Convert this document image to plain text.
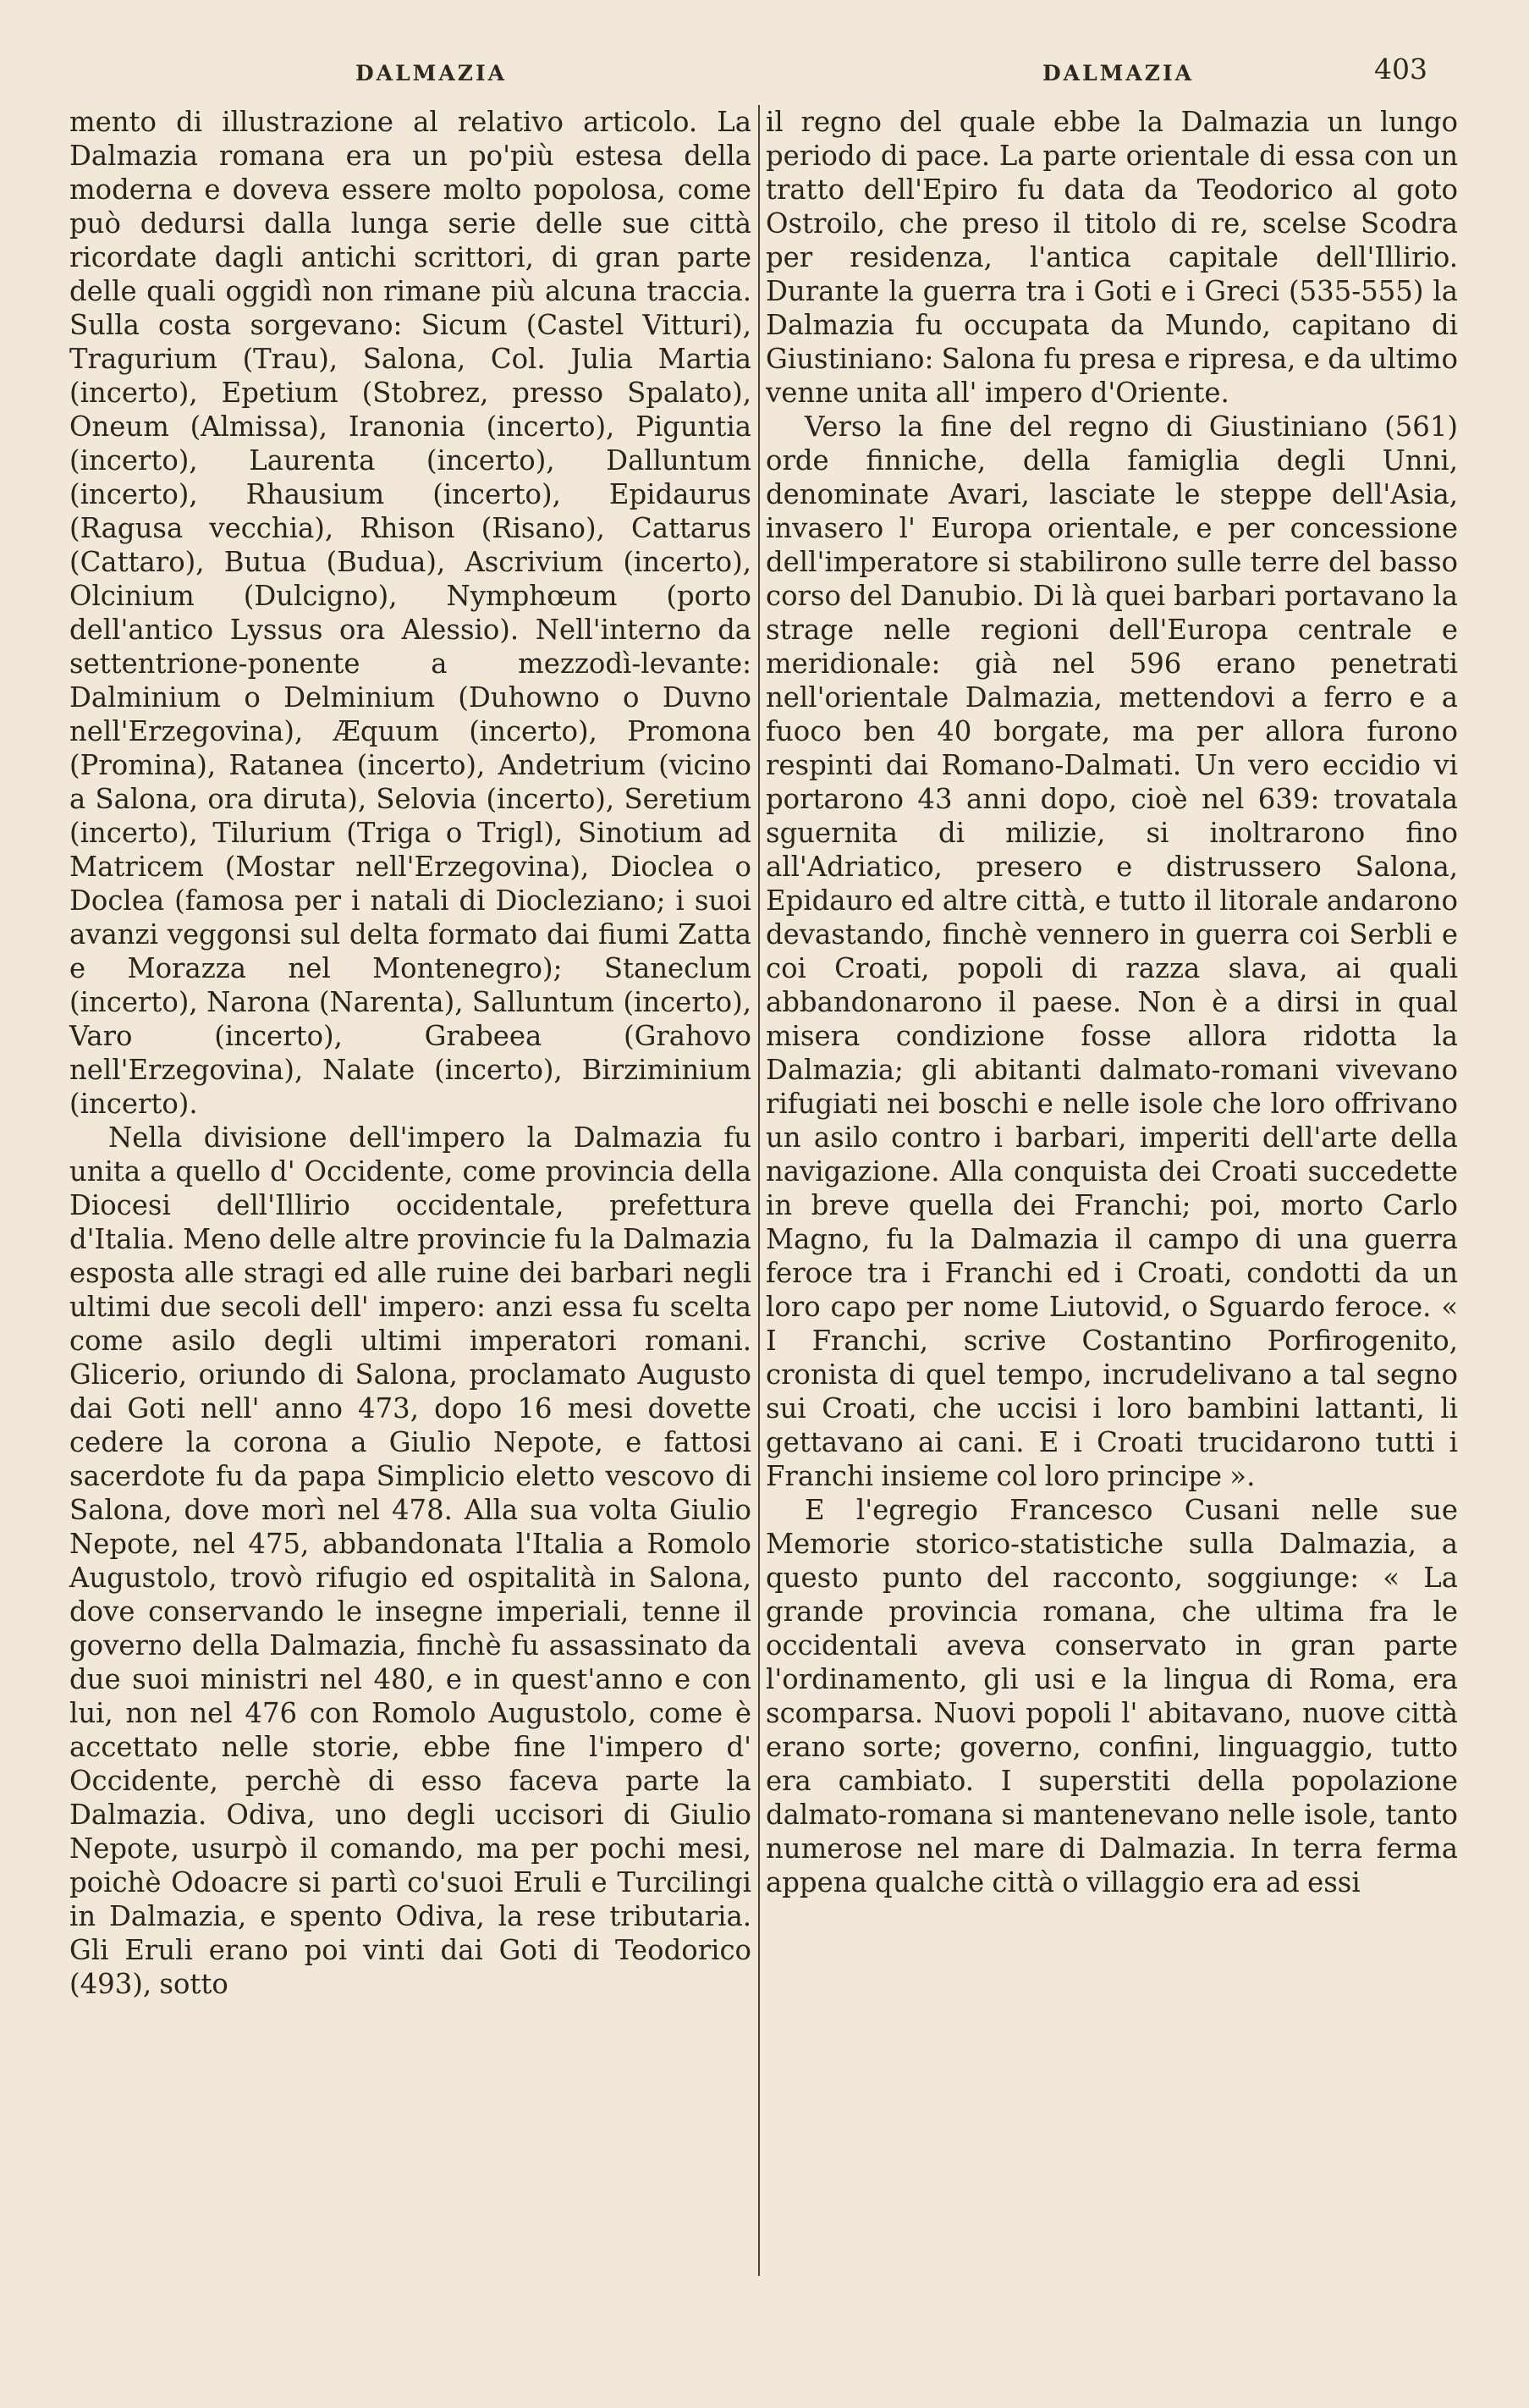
DALMAZIA	DALMAZIA	403

mento di illustrazione al relativo articolo. La Dalmazia romana era un po'più estesa della moderna e doveva essere molto popolosa, come può dedursi dalla lunga serie delle sue città ricordate dagli antichi scrittori, di gran parte delle quali oggidì non rimane più alcuna traccia. Sulla costa sorgevano: Sicum (Castel Vitturi), Tragurium (Trau), Salona, Col. Julia Martia (incerto), Epetium (Stobrez, presso Spalato), Oneum (Almissa), Iranonia (incerto), Piguntia (incerto), Laurenta (incerto), Dalluntum (incerto), Rhausium (incerto), Epidaurus (Ragusa vecchia), Rhison (Risano), Cattarus (Cattaro), Butua (Budua), Ascrivium (incerto), Olcinium (Dulcigno), Nymphœum (porto dell'antico Lyssus ora Alessio). Nell'interno da settentrione-ponente a mezzodì-levante: Dalminium o Delminium (Duhowno o Duvno nell'Erzegovina), Æquum (incerto), Promona (Promina), Ratanea (incerto), Andetrium (vicino a Salona, ora diruta), Selovia (incerto), Seretium (incerto), Tilurium (Triga o Trigl), Sinotium ad Matricem (Mostar nell'Erzegovina), Dioclea o Doclea (famosa per i natali di Diocleziano; i suoi avanzi veggonsi sul delta formato dai fiumi Zatta e Morazza nel Montenegro); Staneclum (incerto), Narona (Narenta), Salluntum (incerto), Varo (incerto), Grabeea (Grahovo nell'Erzegovina), Nalate (incerto), Birziminium (incerto).

Nella divisione dell'impero la Dalmazia fu unita a quello d' Occidente, come provincia della Diocesi dell'Illirio occidentale, prefettura d'Italia. Meno delle altre provincie fu la Dalmazia esposta alle stragi ed alle ruine dei barbari negli ultimi due secoli dell' impero: anzi essa fu scelta come asilo degli ultimi imperatori romani. Glicerio, oriundo di Salona, proclamato Augusto dai Goti nell' anno 473, dopo 16 mesi dovette cedere la corona a Giulio Nepote, e fattosi sacerdote fu da papa Simplicio eletto vescovo di Salona, dove morì nel 478. Alla sua volta Giulio Nepote, nel 475, abbandonata l'Italia a Romolo Augustolo, trovò rifugio ed ospitalità in Salona, dove conservando le insegne imperiali, tenne il governo della Dalmazia, finchè fu assassinato da due suoi ministri nel 480, e in quest'anno e con lui, non nel 476 con Romolo Augustolo, come è accettato nelle storie, ebbe fine l'impero d' Occidente, perchè di esso faceva parte la Dalmazia. Odiva, uno degli uccisori di Giulio Nepote, usurpò il comando, ma per pochi mesi, poichè Odoacre si partì co'suoi Eruli e Turcilingi in Dalmazia, e spento Odiva, la rese tributaria. Gli Eruli erano poi vinti dai Goti di Teodorico (493), sotto

il regno del quale ebbe la Dalmazia un lungo periodo di pace. La parte orientale di essa con un tratto dell'Epiro fu data da Teodorico al goto Ostroilo, che preso il titolo di re, scelse Scodra per residenza, l'antica capitale dell'Illirio. Durante la guerra tra i Goti e i Greci (535-555) la Dalmazia fu occupata da Mundo, capitano di Giustiniano: Salona fu presa e ripresa, e da ultimo venne unita all' impero d'Oriente.

Verso la fine del regno di Giustiniano (561) orde finniche, della famiglia degli Unni, denominate Avari, lasciate le steppe dell'Asia, invasero l' Europa orientale, e per concessione dell'imperatore si stabilirono sulle terre del basso corso del Danubio. Di là quei barbari portavano la strage nelle regioni dell'Europa centrale e meridionale: già nel 596 erano penetrati nell'orientale Dalmazia, mettendovi a ferro e a fuoco ben 40 borgate, ma per allora furono respinti dai Romano-Dalmati. Un vero eccidio vi portarono 43 anni dopo, cioè nel 639: trovatala sguernita di milizie, si inoltrarono fino all'Adriatico, presero e distrussero Salona, Epidauro ed altre città, e tutto il litorale andarono devastando, finchè vennero in guerra coi Serbli e coi Croati, popoli di razza slava, ai quali abbandonarono il paese. Non è a dirsi in qual misera condizione fosse allora ridotta la Dalmazia; gli abitanti dalmato-romani vivevano rifugiati nei boschi e nelle isole che loro offrivano un asilo contro i barbari, imperiti dell'arte della navigazione. Alla conquista dei Croati succedette in breve quella dei Franchi; poi, morto Carlo Magno, fu la Dalmazia il campo di una guerra feroce tra i Franchi ed i Croati, condotti da un loro capo per nome Liutovid, o Sguardo feroce. « I Franchi, scrive Costantino Porfirogenito, cronista di quel tempo, incrudelivano a tal segno sui Croati, che uccisi i loro bambini lattanti, li gettavano ai cani. E i Croati trucidarono tutti i Franchi insieme col loro principe ».

E l'egregio Francesco Cusani nelle sue Memorie storico-statistiche sulla Dalmazia, a questo punto del racconto, soggiunge: « La grande provincia romana, che ultima fra le occidentali aveva conservato in gran parte l'ordinamento, gli usi e la lingua di Roma, era scomparsa. Nuovi popoli l' abitavano, nuove città erano sorte; governo, confini, linguaggio, tutto era cambiato. I superstiti della popolazione dalmato-romana si mantenevano nelle isole, tanto numerose nel mare di Dalmazia. In terra ferma appena qualche città o villaggio era ad essi
